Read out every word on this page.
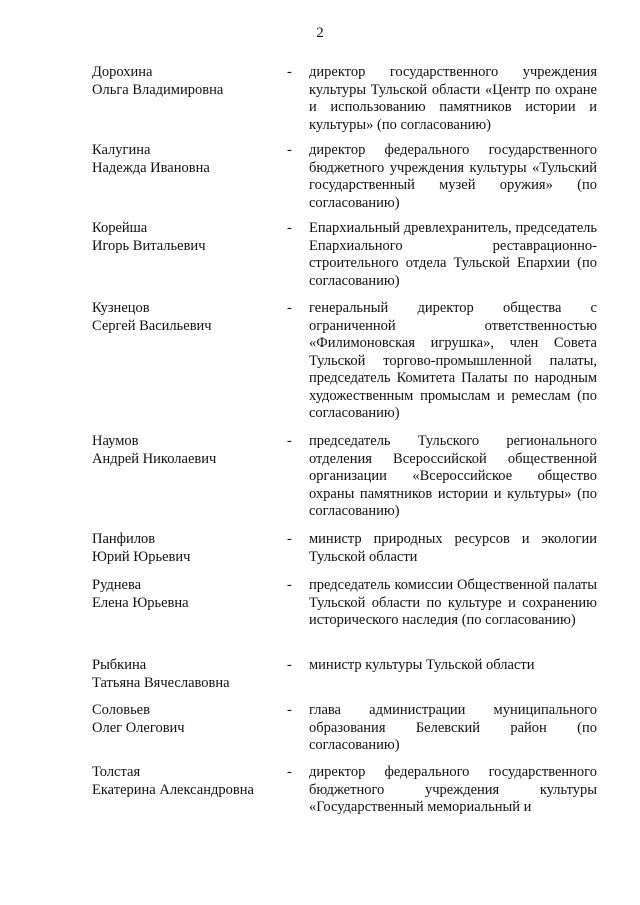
2
Дорохина
Ольга Владимировна
- директор государственного учреждения культуры Тульской области «Центр по охране и использованию памятников истории и культуры» (по согласованию)
Калугина
Надежда Ивановна
- директор федерального государственного бюджетного учреждения культуры «Тульский государственный музей оружия» (по согласованию)
Корейша
Игорь Витальевич
- Епархиальный древлехранитель, председатель Епархиального реставрационно-строительного отдела Тульской Епархии (по согласованию)
Кузнецов
Сергей Васильевич
- генеральный директор общества с ограниченной ответственностью «Филимоновская игрушка», член Совета Тульской торгово-промышленной палаты, председатель Комитета Палаты по народным художественным промыслам и ремеслам (по согласованию)
Наумов
Андрей Николаевич
- председатель Тульского регионального отделения Всероссийской общественной организации «Всероссийское общество охраны памятников истории и культуры» (по согласованию)
Панфилов
Юрий Юрьевич
- министр природных ресурсов и экологии Тульской области
Руднева
Елена Юрьевна
- председатель комиссии Общественной палаты Тульской области по культуре и сохранению исторического наследия (по согласованию)
Рыбкина
Татьяна Вячеславовна
- министр культуры Тульской области
Соловьев
Олег Олегович
- глава администрации муниципального образования Белевский район (по согласованию)
Толстая
Екатерина Александровна
- директор федерального государственного бюджетного учреждения культуры «Государственный мемориальный и
